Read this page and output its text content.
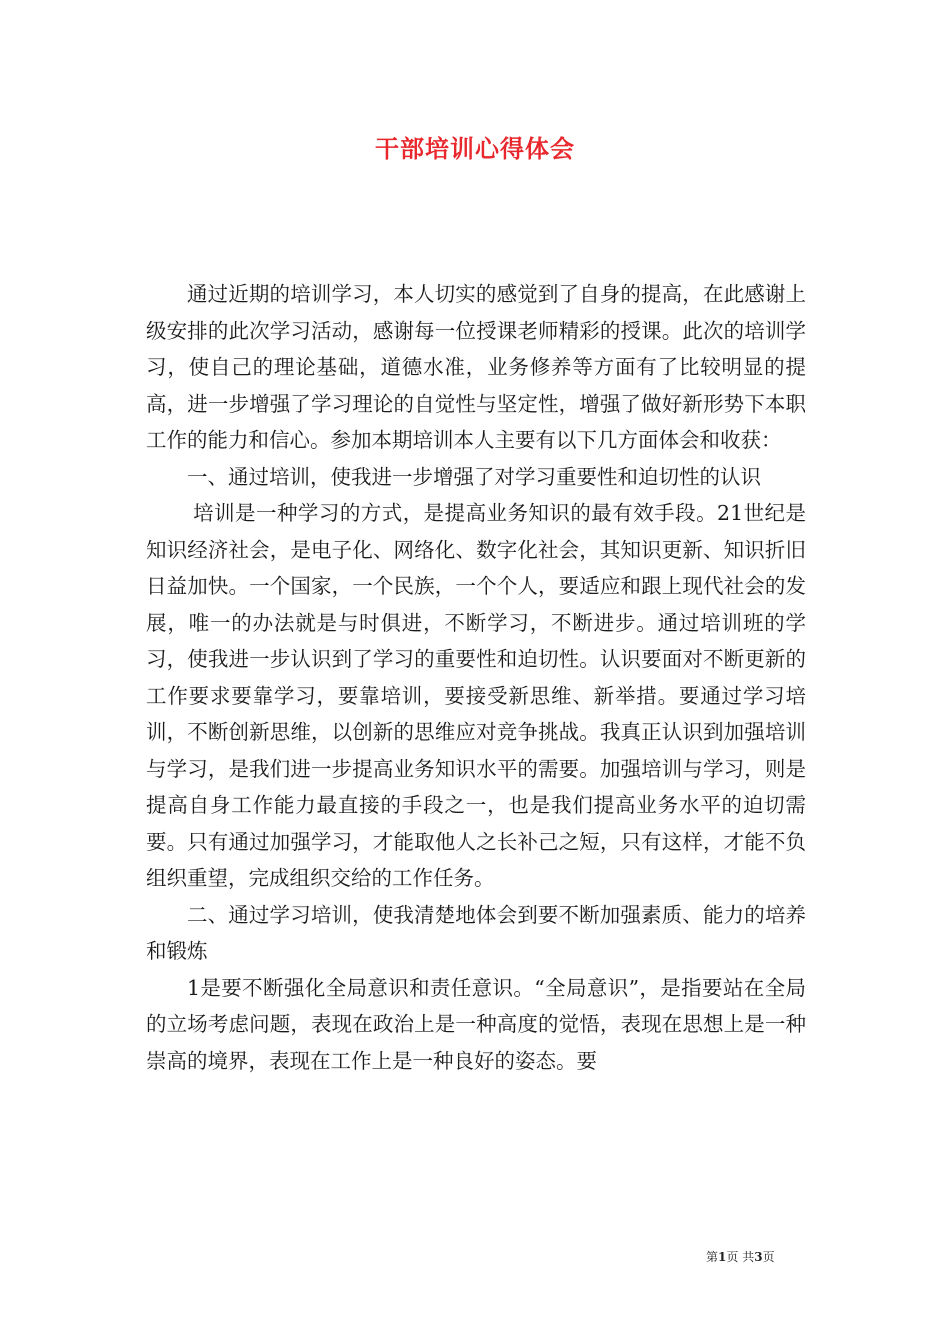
干部培训心得体会

通过近期的培训学习，本人切实的感觉到了自身的提高，在此感谢上级安排的此次学习活动，感谢每一位授课老师精彩的授课。此次的培训学习，使自己的理论基础，道德水准，业务修养等方面有了比较明显的提高，进一步增强了学习理论的自觉性与坚定性，增强了做好新形势下本职工作的能力和信心。参加本期培训本人主要有以下几方面体会和收获：

一、通过培训，使我进一步增强了对学习重要性和迫切性的认识

培训是一种学习的方式，是提高业务知识的最有效手段。21世纪是知识经济社会，是电子化、网络化、数字化社会，其知识更新、知识折旧日益加快。一个国家，一个民族，一个个人，要适应和跟上现代社会的发展，唯一的办法就是与时俱进，不断学习，不断进步。通过培训班的学习，使我进一步认识到了学习的重要性和迫切性。认识要面对不断更新的工作要求要靠学习，要靠培训，要接受新思维、新举措。要通过学习培训，不断创新思维，以创新的思维应对竞争挑战。我真正认识到加强培训与学习，是我们进一步提高业务知识水平的需要。加强培训与学习，则是提高自身工作能力最直接的手段之一，也是我们提高业务水平的迫切需要。只有通过加强学习，才能取他人之长补己之短，只有这样，才能不负组织重望，完成组织交给的工作任务。

二、通过学习培训，使我清楚地体会到要不断加强素质、能力的培养和锻炼

1是要不断强化全局意识和责任意识。“全局意识”，是指要站在全局的立场考虑问题，表现在政治上是一种高度的觉悟，表现在思想上是一种崇高的境界，表现在工作上是一种良好的姿态。要

第1页 共3页
